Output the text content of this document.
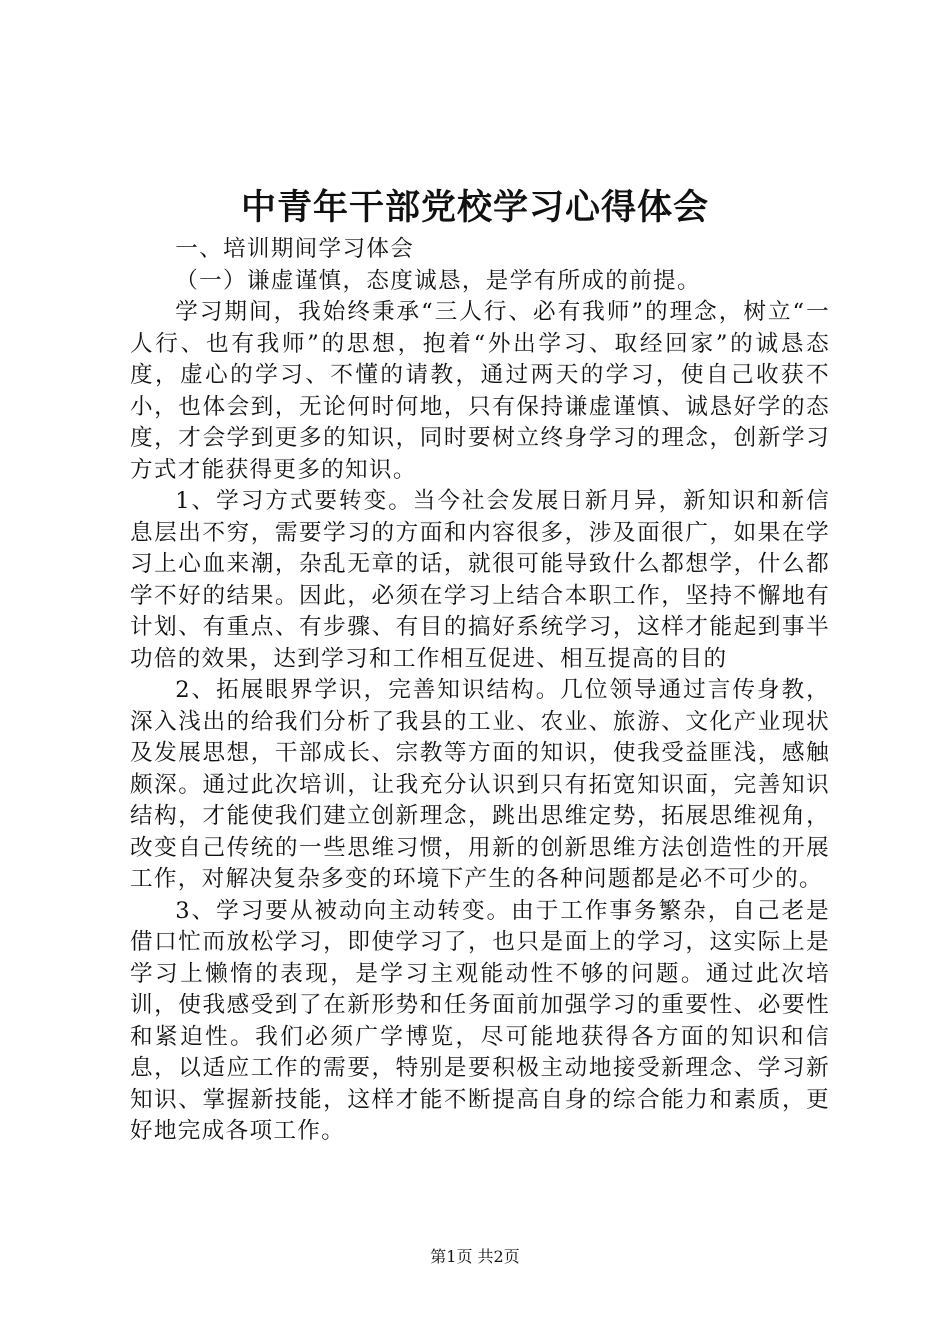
中青年干部党校学习心得体会

一、培训期间学习体会

（一）谦虚谨慎，态度诚恳，是学有所成的前提。

学习期间，我始终秉承“三人行、必有我师”的理念，树立“一人行、也有我师”的思想，抱着“外出学习、取经回家”的诚恳态度，虚心的学习、不懂的请教，通过两天的学习，使自己收获不小，也体会到，无论何时何地，只有保持谦虚谨慎、诚恳好学的态度，才会学到更多的知识，同时要树立终身学习的理念，创新学习方式才能获得更多的知识。

1、学习方式要转变。当今社会发展日新月异，新知识和新信息层出不穷，需要学习的方面和内容很多，涉及面很广，如果在学习上心血来潮，杂乱无章的话，就很可能导致什么都想学，什么都学不好的结果。因此，必须在学习上结合本职工作，坚持不懈地有计划、有重点、有步骤、有目的搞好系统学习，这样才能起到事半功倍的效果，达到学习和工作相互促进、相互提高的目的

2、拓展眼界学识，完善知识结构。几位领导通过言传身教，深入浅出的给我们分析了我县的工业、农业、旅游、文化产业现状及发展思想，干部成长、宗教等方面的知识，使我受益匪浅，感触颇深。通过此次培训，让我充分认识到只有拓宽知识面，完善知识结构，才能使我们建立创新理念，跳出思维定势，拓展思维视角，改变自己传统的一些思维习惯，用新的创新思维方法创造性的开展工作，对解决复杂多变的环境下产生的各种问题都是必不可少的。

3、学习要从被动向主动转变。由于工作事务繁杂，自己老是借口忙而放松学习，即使学习了，也只是面上的学习，这实际上是学习上懒惰的表现，是学习主观能动性不够的问题。通过此次培训，使我感受到了在新形势和任务面前加强学习的重要性、必要性和紧迫性。我们必须广学博览，尽可能地获得各方面的知识和信息，以适应工作的需要，特别是要积极主动地接受新理念、学习新知识、掌握新技能，这样才能不断提高自身的综合能力和素质，更好地完成各项工作。

第1页 共2页
